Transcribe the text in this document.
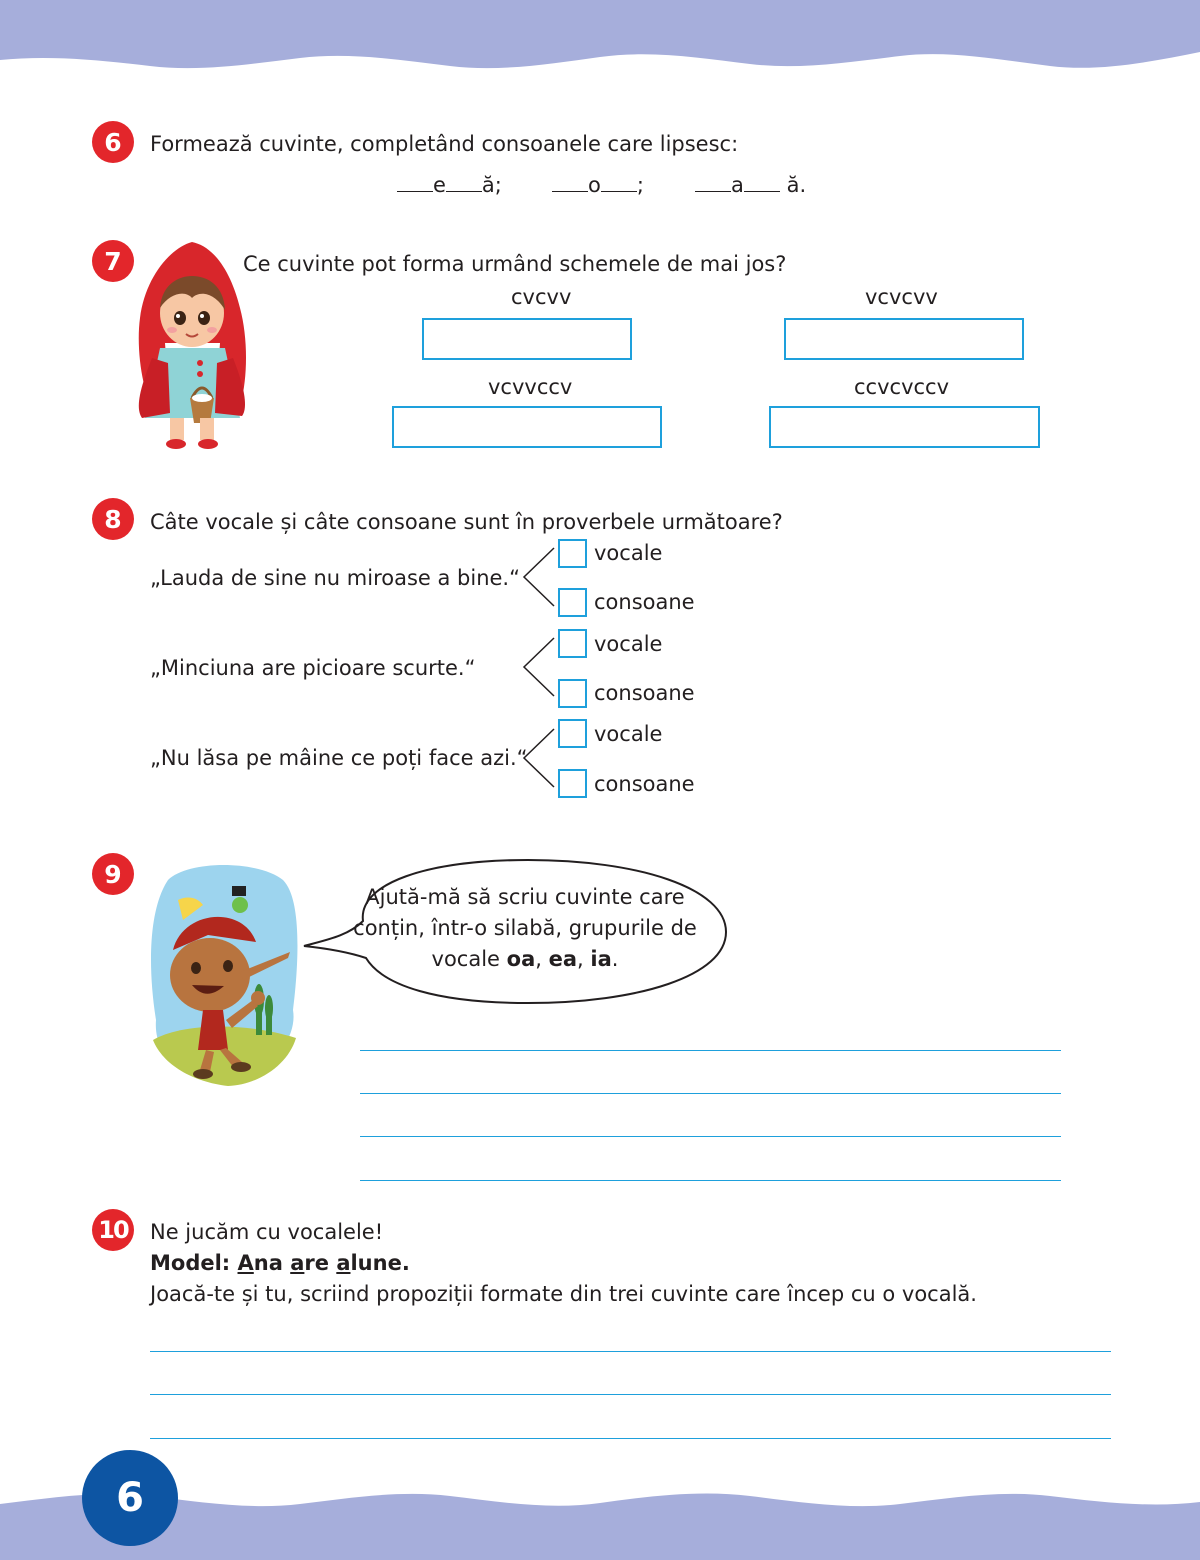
6	Formează cuvinte, completând consoanele care lipsesc:
e ă;	o ;	a ă.
7	Ce cuvinte pot forma urmând schemele de mai jos?
cvcvv	vcvcvv
vcvvccv	ccvcvccv
8	Câte vocale și câte consoane sunt în proverbele următoare?
„Lauda de sine nu miroase a bine.“
vocale
consoane
„Minciuna are picioare scurte.“
vocale
consoane
„Nu lăsa pe mâine ce poți face azi.“
vocale
consoane
9
Ajută-mă să scriu cuvinte care
conțin, într-o silabă, grupurile de
vocale oa, ea, ia.
10 Ne jucăm cu vocalele!
Model: Ana are alune.
Joacă-te și tu, scriind propoziții formate din trei cuvinte care încep cu o vocală.
6
